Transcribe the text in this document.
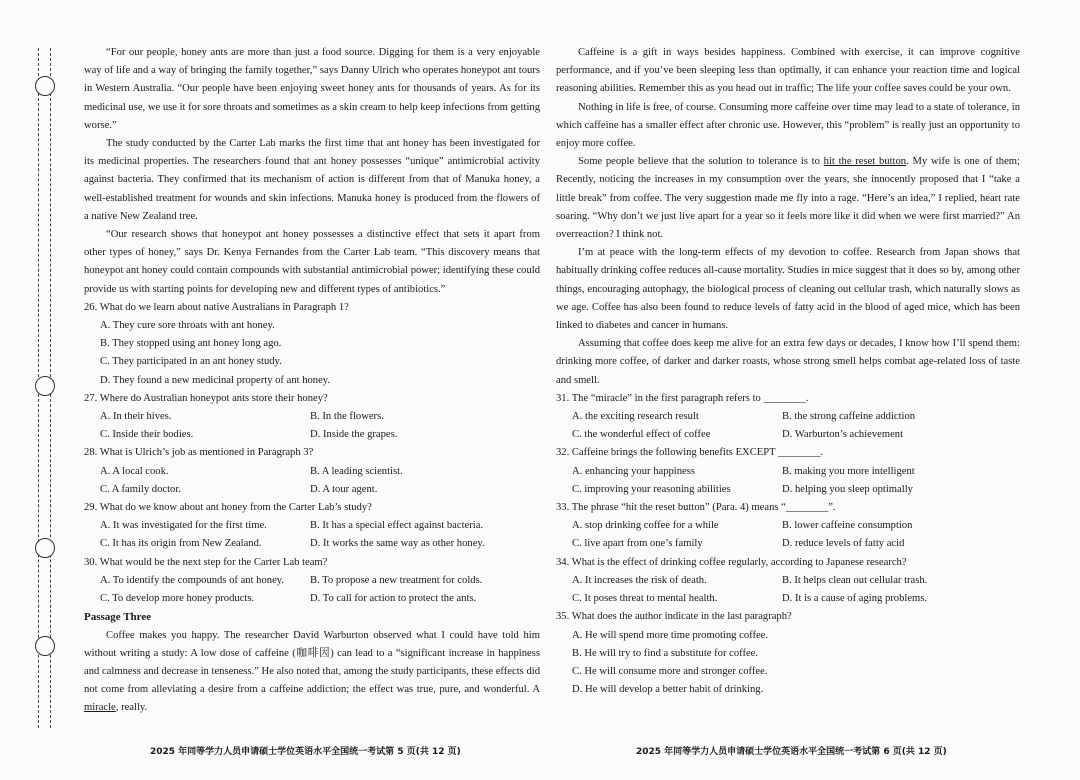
“For our people, honey ants are more than just a food source. Digging for them is a very enjoyable way of life and a way of bringing the family together,” says Danny Ulrich who operates honeypot ant tours in Western Australia. “Our people have been enjoying sweet honey ants for thousands of years. As for its medicinal use, we use it for sore throats and sometimes as a skin cream to help keep infections from getting worse.”

The study conducted by the Carter Lab marks the first time that ant honey has been investigated for its medicinal properties. The researchers found that ant honey possesses “unique” antimicrobial activity against bacteria. They confirmed that its mechanism of action is different from that of Manuka honey, a well-established treatment for wounds and skin infections. Manuka honey is produced from the flowers of a native New Zealand tree.

“Our research shows that honeypot ant honey possesses a distinctive effect that sets it apart from other types of honey,” says Dr. Kenya Fernandes from the Carter Lab team. “This discovery means that honeypot ant honey could contain compounds with substantial antimicrobial power; identifying these could provide us with starting points for developing new and different types of antibiotics.”

26. What do we learn about native Australians in Paragraph 1?
A. They cure sore throats with ant honey.
B. They stopped using ant honey long ago.
C. They participated in an ant honey study.
D. They found a new medicinal property of ant honey.
27. Where do Australian honeypot ants store their honey?
A. In their hives.	B. In the flowers.
C. Inside their bodies.	D. Inside the grapes.
28. What is Ulrich’s job as mentioned in Paragraph 3?
A. A local cook.	B. A leading scientist.
C. A family doctor.	D. A tour agent.
29. What do we know about ant honey from the Carter Lab’s study?
A. It was investigated for the first time.	B. It has a special effect against bacteria.
C. It has its origin from New Zealand.	D. It works the same way as other honey.
30. What would be the next step for the Carter Lab team?
A. To identify the compounds of ant honey.	B. To propose a new treatment for colds.
C. To develop more honey products.	D. To call for action to protect the ants.
Passage Three

Coffee makes you happy. The researcher David Warburton observed what I could have told him without writing a study: A low dose of caffeine (咖啡因) can lead to a “significant increase in happiness and calmness and decrease in tenseness.” He also noted that, among the study participants, these effects did not come from alleviating a desire from a caffeine addiction; the effect was true, pure, and wonderful. A miracle, really.

Caffeine is a gift in ways besides happiness. Combined with exercise, it can improve cognitive performance, and if you’ve been sleeping less than optimally, it can enhance your reaction time and logical reasoning abilities. Remember this as you head out in traffic; The life your coffee saves could be your own.

Nothing in life is free, of course. Consuming more caffeine over time may lead to a state of tolerance, in which caffeine has a smaller effect after chronic use. However, this “problem” is really just an opportunity to enjoy more coffee.

Some people believe that the solution to tolerance is to hit the reset button. My wife is one of them; Recently, noticing the increases in my consumption over the years, she innocently proposed that I “take a little break” from coffee. The very suggestion made me fly into a rage. “Here’s an idea,” I replied, heart rate soaring. “Why don’t we just live apart for a year so it feels more like it did when we were first married?” An overreaction? I think not.

I’m at peace with the long-term effects of my devotion to coffee. Research from Japan shows that habitually drinking coffee reduces all-cause mortality. Studies in mice suggest that it does so by, among other things, encouraging autophagy, the biological process of cleaning out cellular trash, which naturally slows as we age. Coffee has also been found to reduce levels of fatty acid in the blood of aged mice, which has been linked to diabetes and cancer in humans.

Assuming that coffee does keep me alive for an extra few days or decades, I know how I’ll spend them: drinking more coffee, of darker and darker roasts, whose strong smell helps combat age-related loss of taste and smell.

31. The “miracle” in the first paragraph refers to ________.
A. the exciting research result	B. the strong caffeine addiction
C. the wonderful effect of coffee	D. Warburton’s achievement
32. Caffeine brings the following benefits EXCEPT ________.
A. enhancing your happiness	B. making you more intelligent
C. improving your reasoning abilities	D. helping you sleep optimally
33. The phrase “hit the reset button” (Para. 4) means “________”.
A. stop drinking coffee for a while	B. lower caffeine consumption
C. live apart from one’s family	D. reduce levels of fatty acid
34. What is the effect of drinking coffee regularly, according to Japanese research?
A. It increases the risk of death.	B. It helps clean out cellular trash.
C. It poses threat to mental health.	D. It is a cause of aging problems.
35. What does the author indicate in the last paragraph?
A. He will spend more time promoting coffee.
B. He will try to find a substitute for coffee.
C. He will consume more and stronger coffee.
D. He will develop a better habit of drinking.
2025 年同等学力人员申请硕士学位英语水平全国统一考试第 5 页(共 12 页)	2025 年同等学力人员申请硕士学位英语水平全国统一考试第 6 页(共 12 页)
